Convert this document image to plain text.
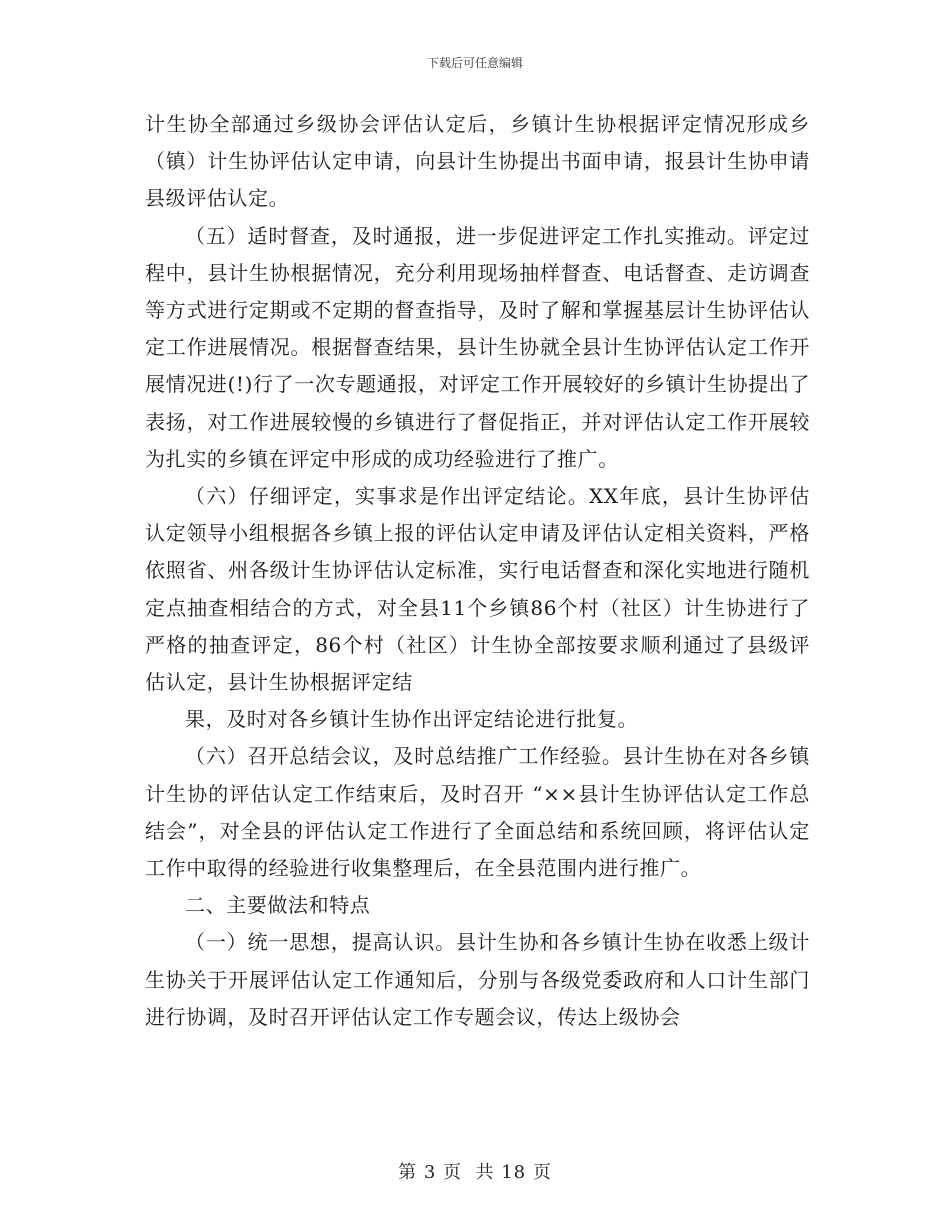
下载后可任意编辑

计生协全部通过乡级协会评估认定后，乡镇计生协根据评定情况形成乡（镇）计生协评估认定申请，向县计生协提出书面申请，报县计生协申请县级评估认定。

（五）适时督查，及时通报，进一步促进评定工作扎实推动。评定过程中，县计生协根据情况，充分利用现场抽样督查、电话督查、走访调查等方式进行定期或不定期的督查指导，及时了解和掌握基层计生协评估认定工作进展情况。根据督查结果，县计生协就全县计生协评估认定工作开展情况进(!)行了一次专题通报，对评定工作开展较好的乡镇计生协提出了表扬，对工作进展较慢的乡镇进行了督促指正，并对评估认定工作开展较为扎实的乡镇在评定中形成的成功经验进行了推广。

（六）仔细评定，实事求是作出评定结论。XX年底，县计生协评估认定领导小组根据各乡镇上报的评估认定申请及评估认定相关资料，严格依照省、州各级计生协评估认定标准，实行电话督查和深化实地进行随机定点抽查相结合的方式，对全县11个乡镇86个村（社区）计生协进行了严格的抽查评定，86个村（社区）计生协全部按要求顺利通过了县级评估认定，县计生协根据评定结

果，及时对各乡镇计生协作出评定结论进行批复。

（六）召开总结会议，及时总结推广工作经验。县计生协在对各乡镇计生协的评估认定工作结束后，及时召开 “××县计生协评估认定工作总结会”，对全县的评估认定工作进行了全面总结和系统回顾，将评估认定工作中取得的经验进行收集整理后，在全县范围内进行推广。

二、主要做法和特点

（一）统一思想，提高认识。县计生协和各乡镇计生协在收悉上级计生协关于开展评估认定工作通知后，分别与各级党委政府和人口计生部门进行协调，及时召开评估认定工作专题会议，传达上级协会

第 3 页  共 18 页
